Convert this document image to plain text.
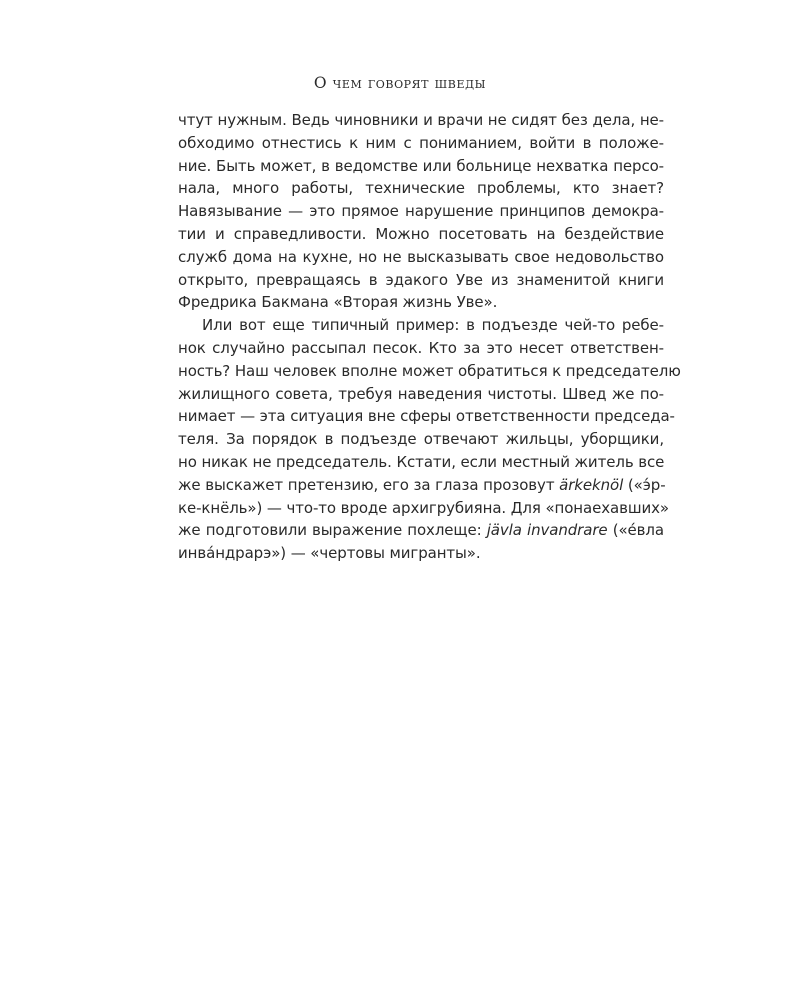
О чем говорят шведы

чтут нужным. Ведь чиновники и врачи не сидят без дела, не-
обходимо отнестись к ним с пониманием, войти в положе-
ние. Быть может, в ведомстве или больнице нехватка персо-
нала, много работы, технические проблемы, кто знает?
Навязывание — это прямое нарушение принципов демокра-
тии и справедливости. Можно посетовать на бездействие
служб дома на кухне, но не высказывать свое недовольство
открыто, превращаясь в эдакого Уве из знаменитой книги
Фредрика Бакмана «Вторая жизнь Уве».

Или вот еще типичный пример: в подъезде чей-то ребе-
нок случайно рассыпал песок. Кто за это несет ответствен-
ность? Наш человек вполне может обратиться к председателю
жилищного совета, требуя наведения чистоты. Швед же по-
нимает — эта ситуация вне сферы ответственности председа-
теля. За порядок в подъезде отвечают жильцы, уборщики,
но никак не председатель. Кстати, если местный житель все
же выскажет претензию, его за глаза прозовут ärkeknöl («э́р-
ке-кнёль») — что-то вроде архигрубияна. Для «понаехавших»
же подготовили выражение похлеще: jävla invandrare («е́вла
инва́ндрарэ») — «чертовы мигранты».
